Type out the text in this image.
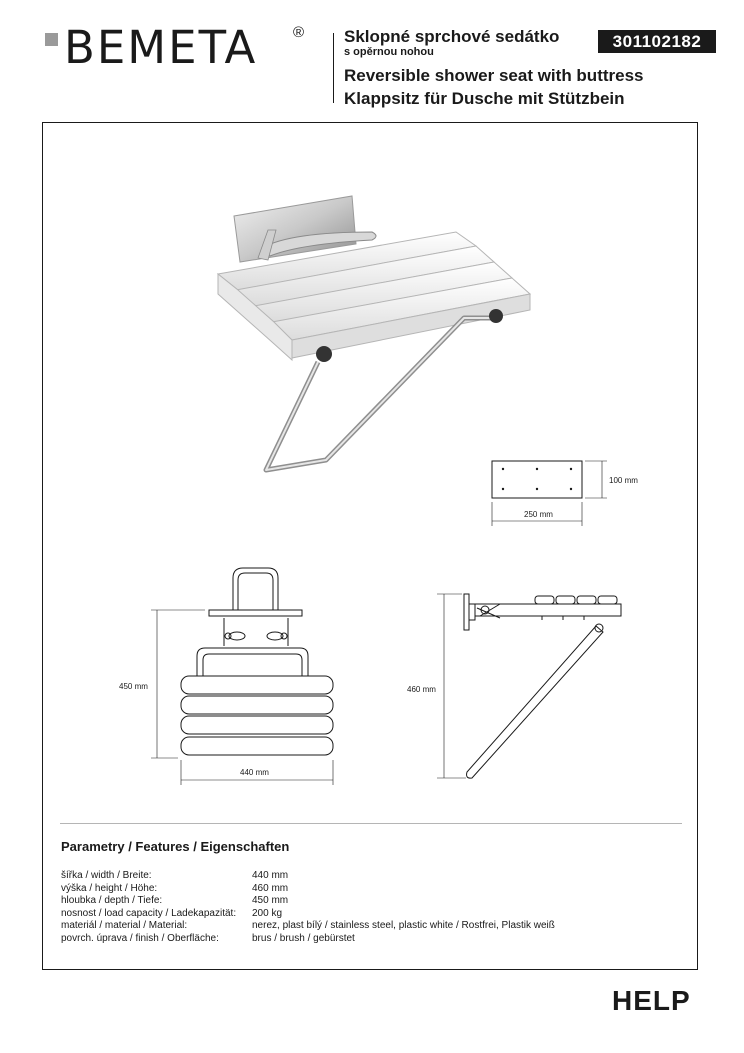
BEMETA ® Sklopné sprchové sedátko
s opěrnou nohou
Reversible shower seat with buttress
Klappsitz für Dusche mit Stützbein
301102182
100 mm
250 mm
450 mm
440 mm
460 mm
Parametry / Features / Eigenschaften
šířka / width / Breite:	440 mm
výška / height / Höhe:	460 mm
hloubka / depth / Tiefe:	450 mm
nosnost / load capacity / Ladekapazität:	200 kg
materiál / material / Material:	nerez, plast bílý / stainless steel, plastic white / Rostfrei, Plastik weiß
povrch. úprava / finish / Oberfläche:	brus / brush / gebürstet
HELP
